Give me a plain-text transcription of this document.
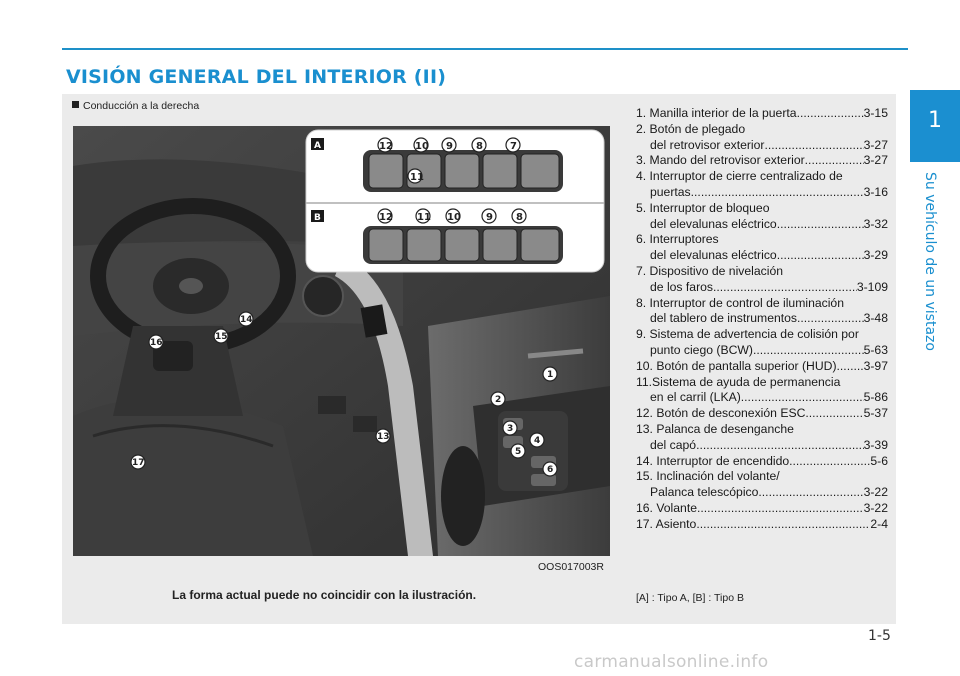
VISIÓN GENERAL DEL INTERIOR (II)
1
Su vehículo de un vistazo
Conducción a la derecha
A	12 10 9 8	7
11
B	12 11 10	9 8
1
2
3
4
5
6
13
14
15
16
17
OOS017003R
La forma actual puede no coincidir con la ilustración.
1. Manilla interior de la puerta .....	3-15
2. Botón de plegado
del retrovisor exterior .....	3-27
3. Mando del retrovisor exterior .....	3-27
4. Interruptor de cierre centralizado de
puertas .....	3-16
5. Interruptor de bloqueo
del elevalunas eléctrico .....	3-32
6. Interruptores
del elevalunas eléctrico .....	3-29
7. Dispositivo de nivelación
de los faros .....	3-109
8. Interruptor de control de iluminación
del tablero de instrumentos .....	3-48
9. Sistema de advertencia de colisión por
punto ciego (BCW) .....	5-63
10. Botón de pantalla superior (HUD) ..... 3-97
11.Sistema de ayuda de permanencia
en el carril (LKA) .....	5-86
12. Botón de desconexión ESC .....	5-37
13. Palanca de desenganche
del capó .....	3-39
14. Interruptor de encendido .....	5-6
15. Inclinación del volante/
Palanca telescópico .....	3-22
16. Volante .....	3-22
17. Asiento .....	2-4
[A] : Tipo A, [B] : Tipo B
1-5
carmanualsonline.info
